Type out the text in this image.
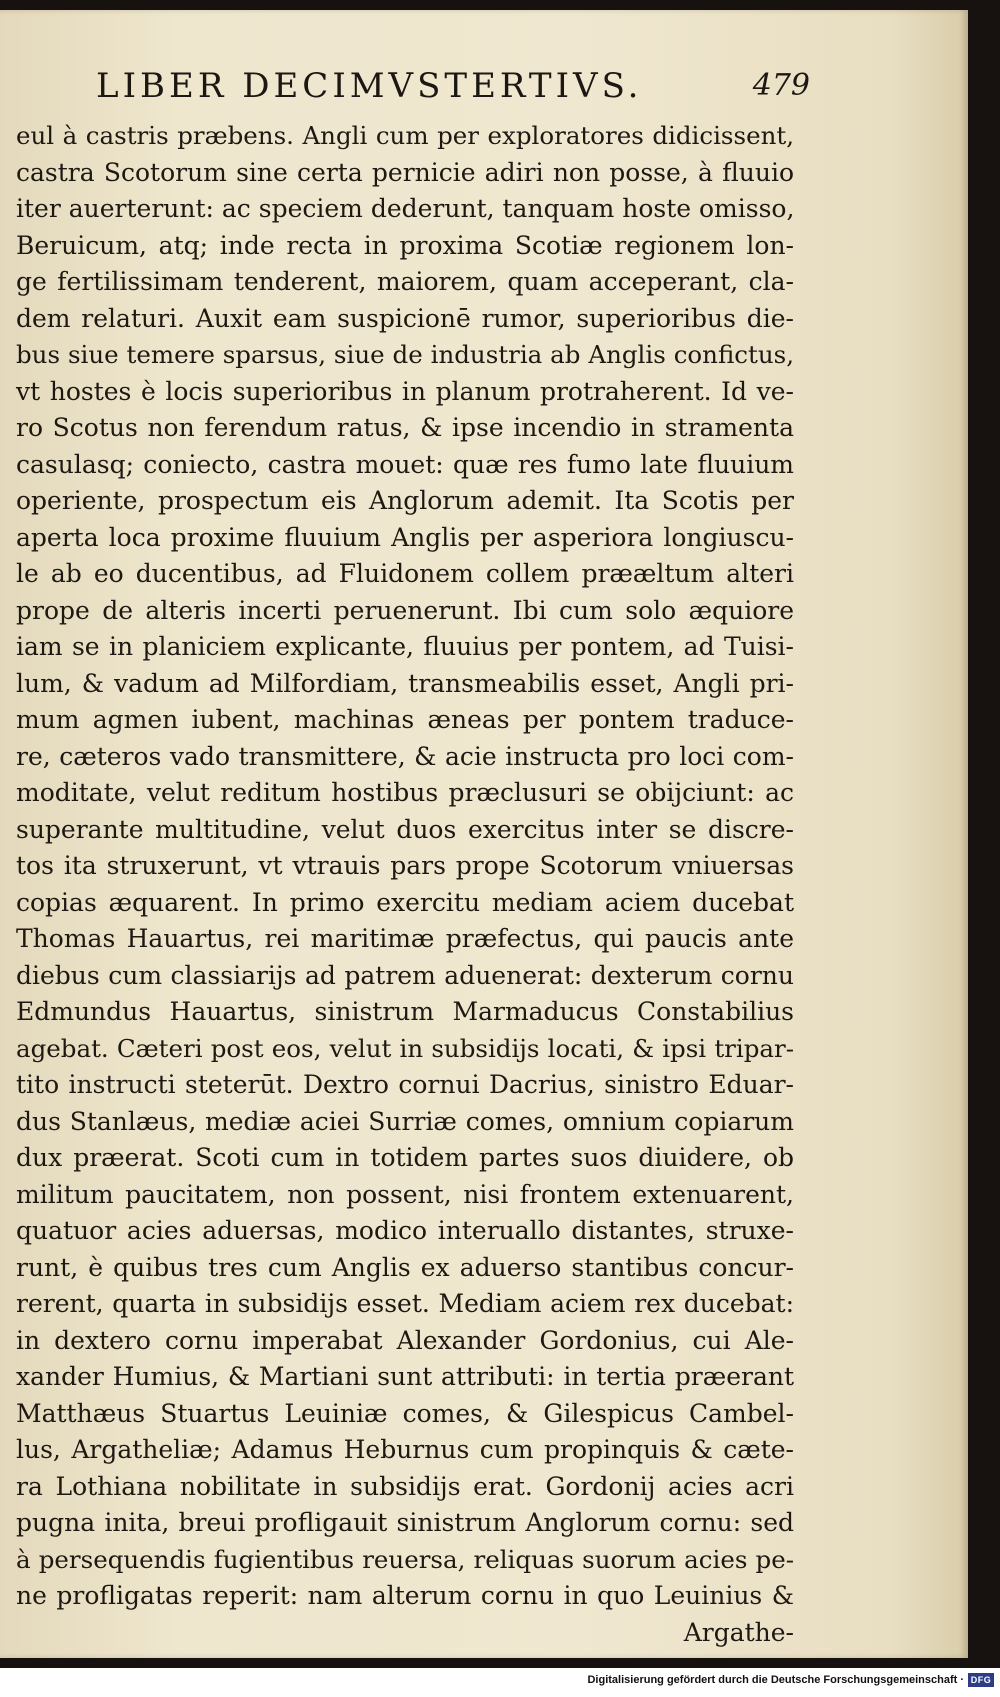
LIBER DECIMVSTERTIVS.	479
eul à castris præbens. Angli cum per exploratores didicissent,
castra Scotorum sine certa pernicie adiri non posse, à fluuio
iter auerterunt: ac speciem dederunt, tanquam hoste omisso,
Beruicum, atq; inde recta in proxima Scotiæ regionem lon-
ge fertilissimam tenderent, maiorem, quam acceperant, cla-
dem relaturi. Auxit eam suspicionē rumor, superioribus die-
bus siue temere sparsus, siue de industria ab Anglis confictus,
vt hostes è locis superioribus in planum protraherent. Id ve-
ro Scotus non ferendum ratus, & ipse incendio in stramenta
casulasq; coniecto, castra mouet: quæ res fumo late fluuium
operiente, prospectum eis Anglorum ademit. Ita Scotis per
aperta loca proxime fluuium Anglis per asperiora longiuscu-
le ab eo ducentibus, ad Fluidonem collem prææltum alteri
prope de alteris incerti peruenerunt. Ibi cum solo æquiore
iam se in planiciem explicante, fluuius per pontem, ad Tuisi-
lum, & vadum ad Milfordiam, transmeabilis esset, Angli pri-
mum agmen iubent, machinas æneas per pontem traduce-
re, cæteros vado transmittere, & acie instructa pro loci com-
moditate, velut reditum hostibus præclusuri se obijciunt: ac
superante multitudine, velut duos exercitus inter se discre-
tos ita struxerunt, vt vtrauis pars prope Scotorum vniuersas
copias æquarent. In primo exercitu mediam aciem ducebat
Thomas Hauartus, rei maritimæ præfectus, qui paucis ante
diebus cum classiarijs ad patrem aduenerat: dexterum cornu
Edmundus Hauartus, sinistrum Marmaducus Constabilius
agebat. Cæteri post eos, velut in subsidijs locati, & ipsi tripar-
tito instructi steterūt. Dextro cornui Dacrius, sinistro Eduar-
dus Stanlæus, mediæ aciei Surriæ comes, omnium copiarum
dux præerat. Scoti cum in totidem partes suos diuidere, ob
militum paucitatem, non possent, nisi frontem extenuarent,
quatuor acies aduersas, modico interuallo distantes, struxe-
runt, è quibus tres cum Anglis ex aduerso stantibus concur-
rerent, quarta in subsidijs esset. Mediam aciem rex ducebat:
in dextero cornu imperabat Alexander Gordonius, cui Ale-
xander Humius, & Martiani sunt attributi: in tertia præerant
Matthæus Stuartus Leuiniæ comes, & Gilespicus Cambel-
lus, Argatheliæ; Adamus Heburnus cum propinquis & cæte-
ra Lothiana nobilitate in subsidijs erat. Gordonij acies acri
pugna inita, breui profligauit sinistrum Anglorum cornu: sed
à persequendis fugientibus reuersa, reliquas suorum acies pe-
ne profligatas reperit: nam alterum cornu in quo Leuinius &
Argathe-
Digitalisierung gefördert durch die Deutsche Forschungsgemeinschaft · DFG
